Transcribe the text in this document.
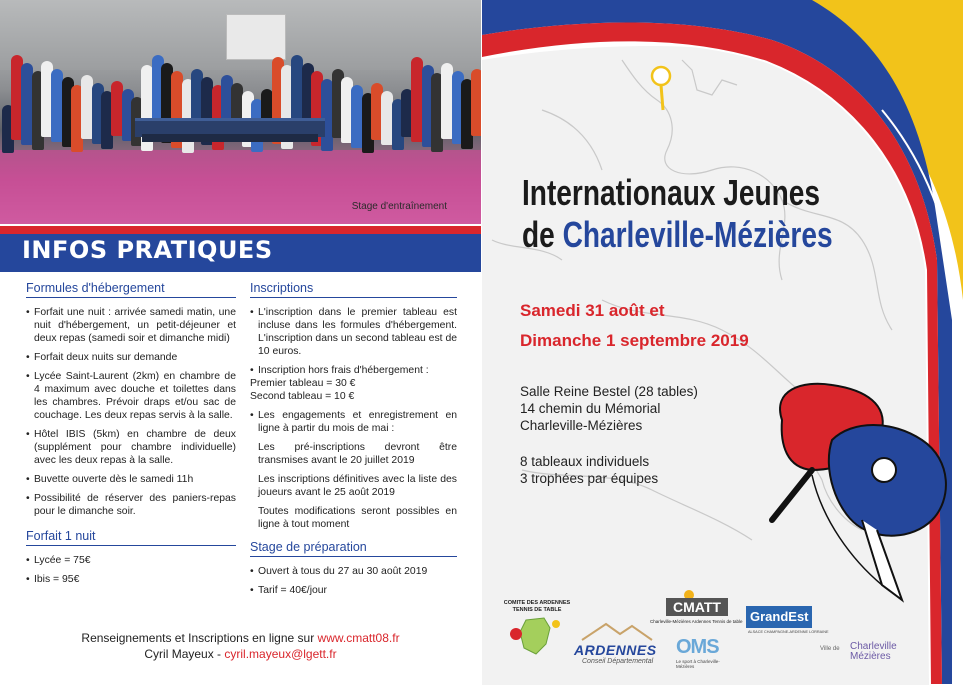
Stage d'entraînement
INFOS PRATIQUES
Formules d'hébergement
• Forfait une nuit : arrivée samedi matin, une nuit d'hébergement, un petit-déjeuner et deux repas (samedi soir et dimanche midi)
• Forfait deux nuits sur demande
• Lycée Saint-Laurent (2km) en chambre de 4 maximum avec douche et toilettes dans les chambres. Prévoir draps et/ou sac de couchage. Les deux repas servis à la salle.
• Hôtel IBIS (5km) en chambre de deux (supplément pour chambre individuelle) avec les deux repas à la salle.
• Buvette ouverte dès le samedi 11h
• Possibilité de réserver des paniers-repas pour le dimanche soir.
Forfait 1 nuit
• Lycée = 75€
• Ibis = 95€
Inscriptions
• L'inscription dans le premier tableau est incluse dans les formules d'hébergement. L'inscription dans un second tableau est de 10 euros.
• Inscription hors frais d'hébergement :
Premier tableau = 30 €
Second tableau = 10 €
• Les engagements et enregistrement en ligne à partir du mois de mai :
Les pré-inscriptions devront être transmises avant le 20 juillet 2019
Les inscriptions définitives avec la liste des joueurs avant le 25 août 2019
Toutes modifications seront possibles en ligne à tout moment
Stage de préparation
• Ouvert à tous du 27 au 30 août 2019
• Tarif = 40€/jour
Renseignements et Inscriptions en ligne sur www.cmatt08.fr
Cyril Mayeux - cyril.mayeux@lgett.fr
Internationaux Jeunes
de Charleville-Mézières
Samedi 31 août et
Dimanche 1 septembre 2019
Salle Reine Bestel (28 tables)
14 chemin du Mémorial
Charleville-Mézières
8 tableaux individuels
3 trophées par équipes
COMITE DES ARDENNES
TENNIS DE TABLE
ARDENNES
Conseil Départemental
CMATT
Charleville-Mézières Ardennes Tennis de table
OMS
Le sport à Charleville-Mézières
GrandEst
ALSACE CHAMPAGNE-ARDENNE LORRAINE
Ville de Charleville
Mézières
